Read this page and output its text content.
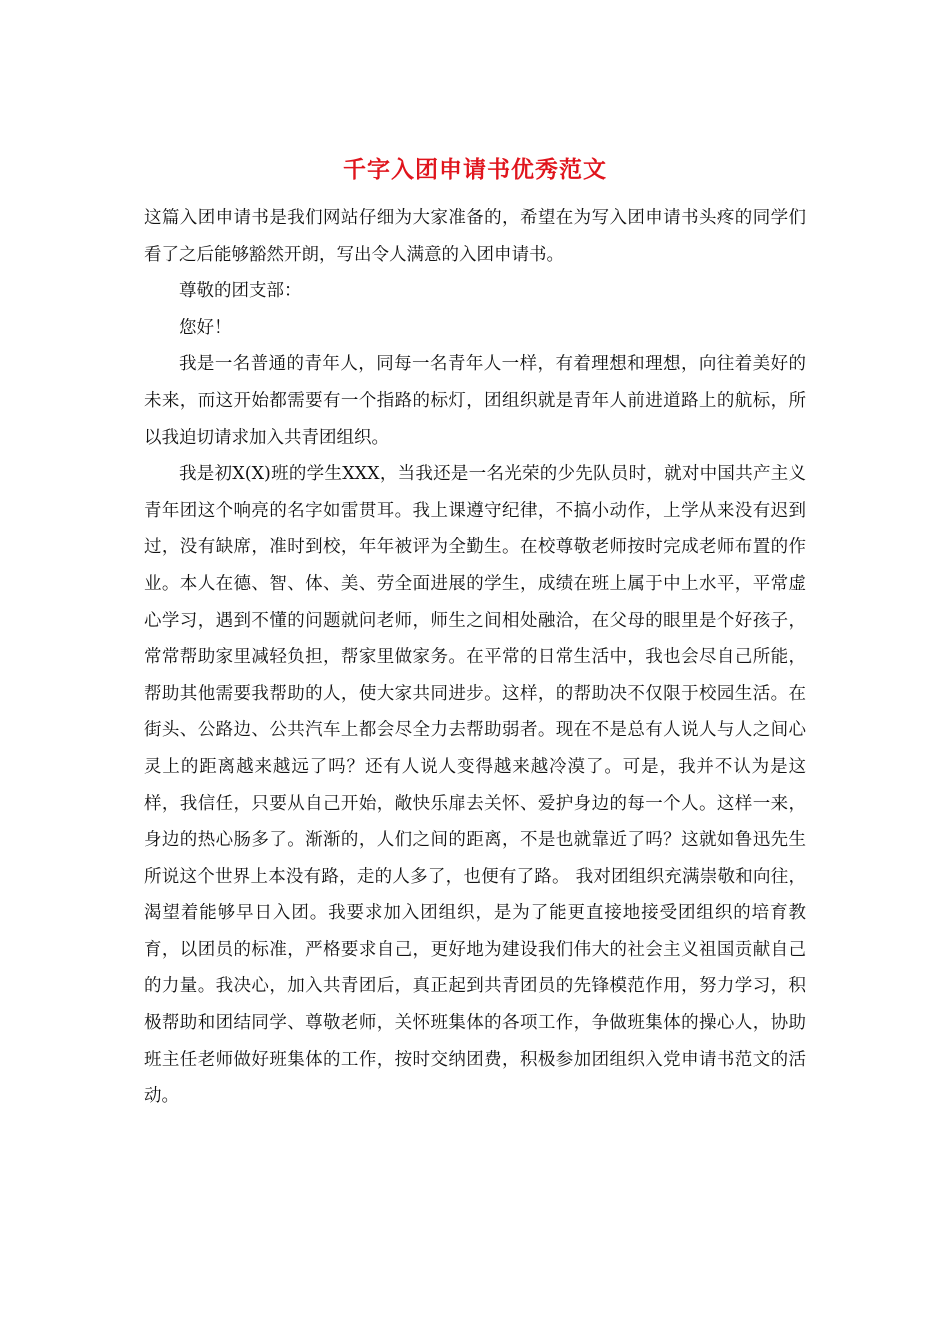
千字入团申请书优秀范文

这篇入团申请书是我们网站仔细为大家准备的，希望在为写入团申请书头疼的同学们看了之后能够豁然开朗，写出令人满意的入团申请书。

尊敬的团支部：

您好！

我是一名普通的青年人，同每一名青年人一样，有着理想和理想，向往着美好的未来，而这开始都需要有一个指路的标灯，团组织就是青年人前进道路上的航标，所以我迫切请求加入共青团组织。

我是初X(X)班的学生XXX，当我还是一名光荣的少先队员时，就对中国共产主义青年团这个响亮的名字如雷贯耳。我上课遵守纪律，不搞小动作，上学从来没有迟到过，没有缺席，准时到校，年年被评为全勤生。在校尊敬老师按时完成老师布置的作业。本人在德、智、体、美、劳全面进展的学生，成绩在班上属于中上水平，平常虚心学习，遇到不懂的问题就问老师，师生之间相处融洽，在父母的眼里是个好孩子，常常帮助家里减轻负担，帮家里做家务。在平常的日常生活中，我也会尽自己所能，帮助其他需要我帮助的人，使大家共同进步。这样，的帮助决不仅限于校园生活。在街头、公路边、公共汽车上都会尽全力去帮助弱者。现在不是总有人说人与人之间心灵上的距离越来越远了吗？还有人说人变得越来越冷漠了。可是，我并不认为是这样，我信任，只要从自己开始，敞快乐扉去关怀、爱护身边的每一个人。这样一来，身边的热心肠多了。渐渐的，人们之间的距离，不是也就靠近了吗？这就如鲁迅先生所说这个世界上本没有路，走的人多了，也便有了路。 我对团组织充满崇敬和向往，渴望着能够早日入团。我要求加入团组织，是为了能更直接地接受团组织的培育教育，以团员的标准，严格要求自己，更好地为建设我们伟大的社会主义祖国贡献自己的力量。我决心，加入共青团后，真正起到共青团员的先锋模范作用，努力学习，积极帮助和团结同学、尊敬老师，关怀班集体的各项工作，争做班集体的操心人，协助班主任老师做好班集体的工作，按时交纳团费，积极参加团组织入党申请书范文的活动。
